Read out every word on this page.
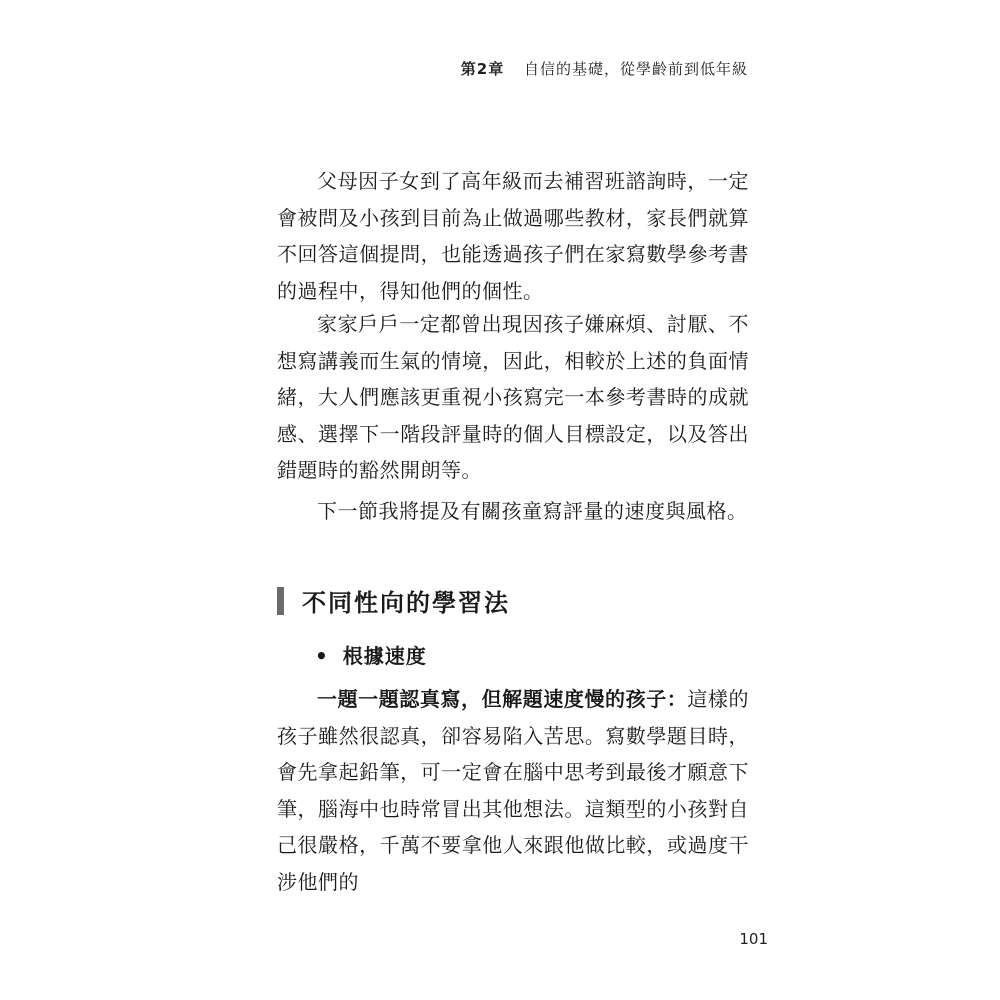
第2章 自信的基礎，從學齡前到低年級

父母因子女到了高年級而去補習班諮詢時，一定會被問及小孩到目前為止做過哪些教材，家長們就算不回答這個提問，也能透過孩子們在家寫數學參考書的過程中，得知他們的個性。

家家戶戶一定都曾出現因孩子嫌麻煩、討厭、不想寫講義而生氣的情境，因此，相較於上述的負面情緒，大人們應該更重視小孩寫完一本參考書時的成就感、選擇下一階段評量時的個人目標設定，以及答出錯題時的豁然開朗等。

下一節我將提及有關孩童寫評量的速度與風格。

不同性向的學習法
• 根據速度

一題一題認真寫，但解題速度慢的孩子：這樣的孩子雖然很認真，卻容易陷入苦思。寫數學題目時，會先拿起鉛筆，可一定會在腦中思考到最後才願意下筆，腦海中也時常冒出其他想法。這類型的小孩對自己很嚴格，千萬不要拿他人來跟他做比較，或過度干涉他們的

101
